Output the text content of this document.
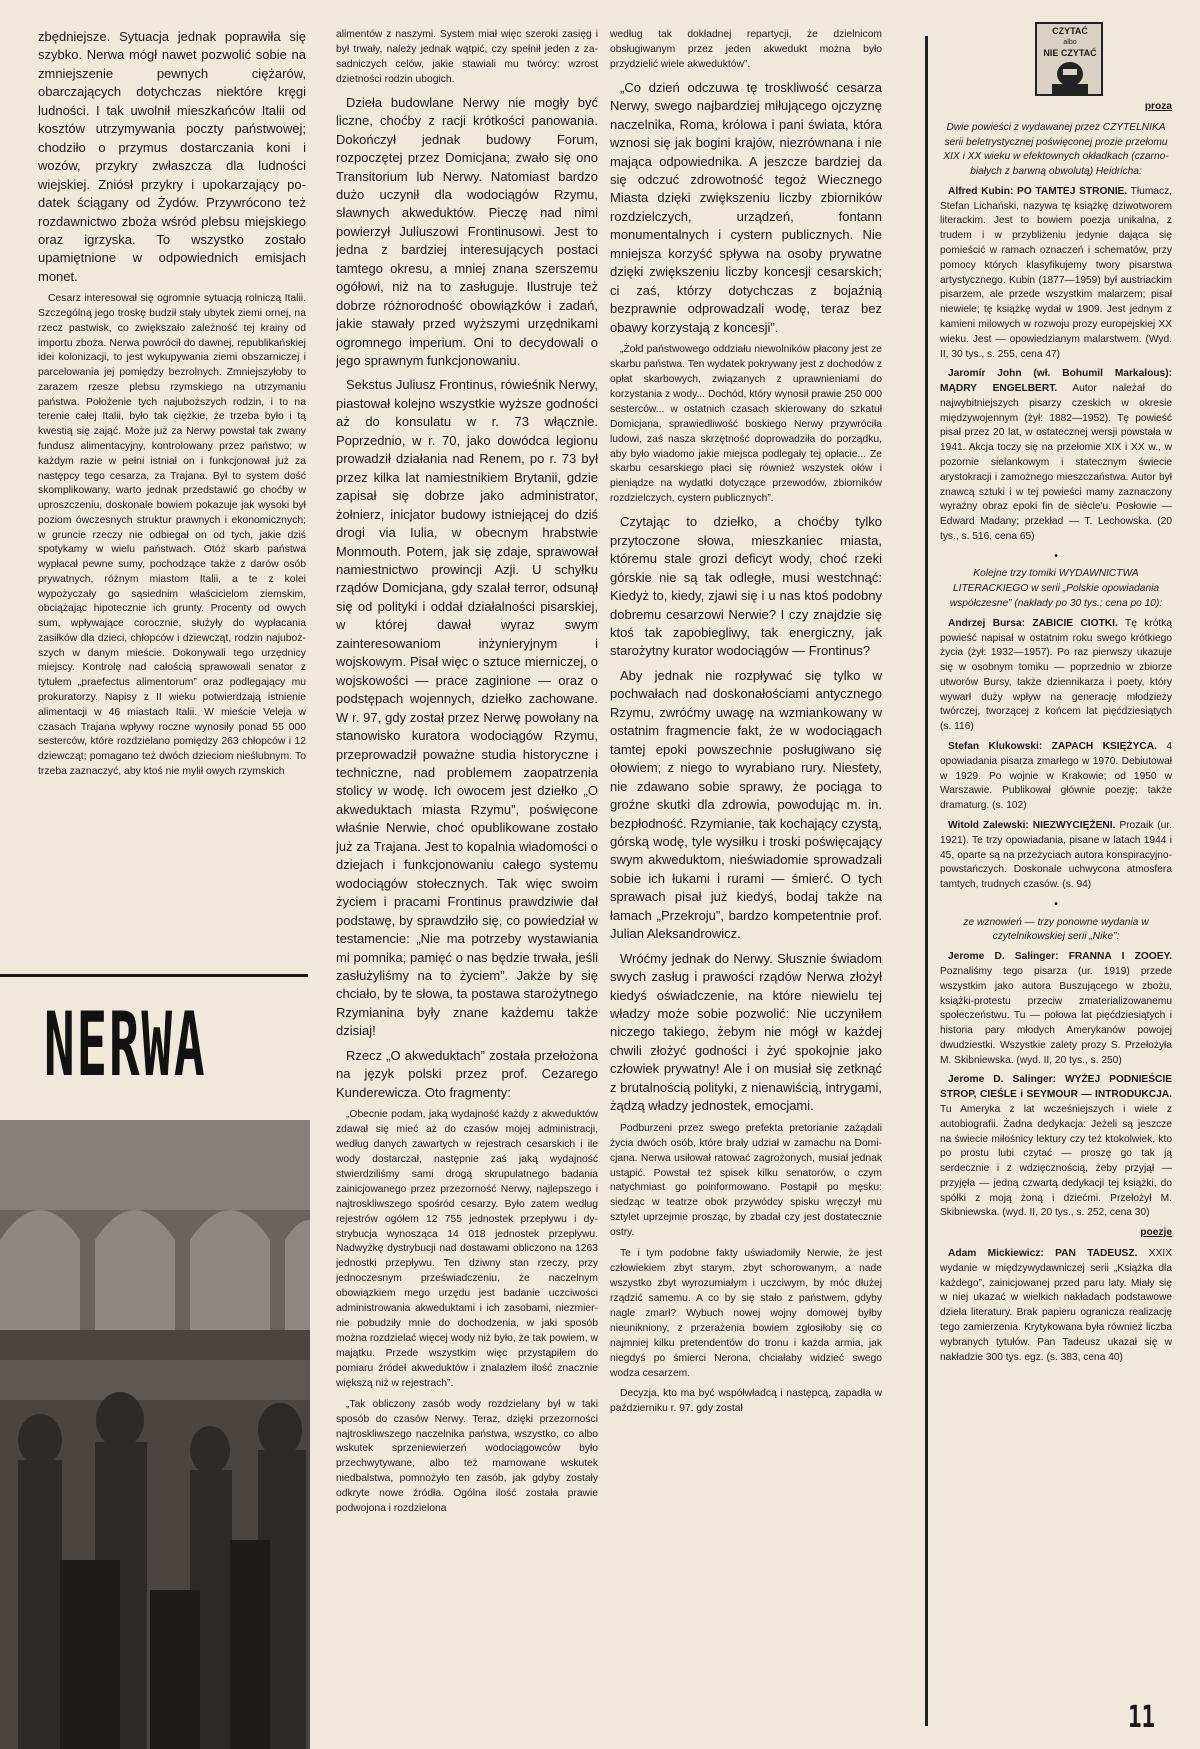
zbędniejsze. Sytuacja jednak poprawiła się szybko. Nerwa mógł nawet pozwolić sobie na zmniejszenie pewnych ciężarów, obarczających dotychczas niektóre kręgi ludności. I tak uwolnił mieszkańców Italii od kosztów utrzymywania poczty państwowej; chodziło o przymus dostarczania koni i wozów, przykry zwłaszcza dla ludności wiejskiej. Zniósł przykry i upokarzający podatek ściągany od Żydów. Przywrócono też rozdawnictwo zboża wśród plebsu miejskiego oraz igrzyska. To wszystko zostało upamiętnione w odpowiednich emisjach monet.

Cesarz interesował się ogromnie sytuacją rolniczą Italii. Szczególną jego troskę budził stały ubytek ziemi ornej, na rzecz pastwisk, co zwiększało zależność tej krainy od importu zboża. Nerwa powrócił do dawnej, republikańskiej idei kolonizacji, to jest wykupywania ziemi obszarniczej i parcelowania jej pomiędzy bezrolnych. Zmniejszyłoby to zarazem rzesze plebsu rzymskiego na utrzymaniu państwa. Położenie tych najuboższych rodzin, i to na terenie całej Italii, było tak ciężkie, że trzeba było i tą kwestią się zająć. Może już za Nerwy powstał tak zwany fundusz alimentacyjny, kontrolowany przez państwo; w każdym razie w pełni istniał on i funkcjonował już za następcy tego cesarza, za Trajana. Był to system dość skomplikowany, warto jednak przedstawić go choćby w uproszczeniu, doskonale bowiem pokazuje jak wysoki był poziom ówczesnych struktur prawnych i ekonomicznych; w gruncie rzeczy nie odbiegał on od tych, jakie dziś spotykamy w wielu państwach. Otóż skarb państwa wypłacał pewne sumy, pochodzące także z darów osób prywatnych, różnym miastom Italii, a te z kolei wypożyczały go sąsiednim właścicielom ziemskim, obciążając hipotecznie ich grunty. Procenty od owych sum, wpływające corocznie, służyły do wypłacania zasiłków dla dzieci, chłopców i dziewcząt, rodzin najuboższych w danym mieście. Dokonywali tego urzędnicy miejscy. Kontrolę nad całością sprawowali senator z tytułem „praefectus alimentorum” oraz podlegający mu prokuratorzy. Napisy z II wieku potwierdzają istnienie alimentacji w 46 miastach Italii. W mieście Veleja w czasach Trajana wpływy roczne wynosiły ponad 55 000 sesterców, które rozdzielano pomiędzy 263 chłopców i 12 dziewcząt; pomagano też dwóch dzieciom nieślubnym. To trzeba zaznaczyć, aby ktoś nie mylił owych rzymskich

NERWA

alimentów z naszymi. System miał więc szeroki zasięg i był trwały, należy jednak wątpić, czy spełnił jeden z zasadniczych celów, jakie stawiali mu twórcy: wzrost dzietności rodzin ubogich.

Dzieła budowlane Nerwy nie mogły być liczne, choćby z racji krótkości panowania. Dokończył jednak budowy Forum, rozpoczętej przez Domicjana; zwało się ono Transitorium lub Nerwy. Natomiast bardzo dużo uczynił dla wodociągów Rzymu, sławnych akweduktów. Pieczę nad nimi powierzył Juliuszowi Frontinusowi. Jest to jedna z bardziej interesujących postaci tamtego okresu, a mniej znana szerszemu ogółowi, niż na to zasługuje. Ilustruje też dobrze różnorodność obowiązków i zadań, jakie stawały przed wyższymi urzędnikami ogromnego imperium. Oni to decydowali o jego sprawnym funkcjonowaniu.

Sekstus Juliusz Frontinus, rówieśnik Nerwy, piastował kolejno wszystkie wyższe godności aż do konsulatu w r. 73 włącznie. Poprzednio, w r. 70, jako dowódca legionu prowadził działania nad Renem, po r. 73 był przez kilka lat namiestnikiem Brytanii, gdzie zapisał się dobrze jako administrator, żołnierz, inicjator budowy istniejącej do dziś drogi via Iulia, w obecnym hrabstwie Monmouth. Potem, jak się zdaje, sprawował namiestnictwo prowincji Azji. U schyłku rządów Domicjana, gdy szalał terror, odsunął się od polityki i oddał działalności pisarskiej, w której dawał wyraz swym zainteresowaniom inżynieryjnym i wojskowym. Pisał więc o sztuce mierniczej, o wojskowości — prace zaginione — oraz o podstępach wojennych, dziełko zachowane. W r. 97, gdy został przez Nerwę powołany na stanowisko kuratora wodociągów Rzymu, przeprowadził poważne studia historyczne i techniczne, nad problemem zaopatrzenia stolicy w wodę. Ich owocem jest dziełko „O akweduktach miasta Rzymu”, poświęcone właśnie Nerwie, choć opublikowane zostało już za Trajana. Jest to kopalnia wiadomości o dziejach i funkcjonowaniu całego systemu wodociągów stołecznych. Tak więc swoim życiem i pracami Frontinus prawdziwie dał podstawę, by sprawdziło się, co powiedział w testamencie: „Nie ma potrzeby wystawiania mi pomnika; pamięć o nas będzie trwała, jeśli zasłużyliśmy na to życiem”. Jakże by się chciało, by te słowa, ta postawa starożytnego Rzymianina były znane każdemu także dzisiaj!

Rzecz „O akweduktach” została przełożona na język polski przez prof. Cezarego Kunderewicza. Oto fragmenty:

„Obecnie podam, jaką wydajność każdy z akweduktów zdawał się mieć aż do czasów mojej administracji, według danych zawartych w rejestrach cesarskich i ile wody dostarczał, następnie zaś jaką wydajność stwierdziliśmy sami drogą skrupulatnego badania zainicjowanego przez przezorność Nerwy, najlepszego i najtroskliwszego spośród cesarzy. Było zatem według rejestrów ogółem 12 755 jednostek przepływu i dystrybucja wynosząca 14 018 jednostek przepływu. Nadwyżkę dystrybucji nad dostawami obliczono na 1263 jednostki przepływu. Ten dziwny stan rzeczy, przy jednoczesnym przeświadczeniu, że naczelnym obowiązkiem mego urzędu jest badanie uczciwości administrowania akweduktami i ich zasobami, niezmiernie pobudziły mnie do dochodzenia, w jaki sposób można rozdzielać więcej wody niż było, że tak powiem, w majątku. Przede wszystkim więc przystąpiłem do pomiaru źródeł akweduktów i znalazłem ilość znacznie większą niż w rejestrach”.

„Tak obliczony zasób wody rozdzielany był w taki sposób do czasów Nerwy. Teraz, dzięki przezorności najtroskliwszego naczelnika państwa, wszystko, co albo wskutek sprzeniewierzeń wodociągowców było przechwytywane, albo też marnowane wskutek niedbalstwa, pomnożyło ten zasób, jak gdyby zostały odkryte nowe źródła. Ogólna ilość została prawie podwojona i rozdzielona

według tak dokładnej repartycji, że dzielnicom obsługiwanym przez jeden akwedukt można było przydzielić wiele akweduktów”.

„Co dzień odczuwa tę troskliwość cesarza Nerwy, swego najbardziej miłującego ojczyznę naczelnika, Roma, królowa i pani świata, która wznosi się jak bogini krajów, niezrównana i nie mająca odpowiednika. A jeszcze bardziej da się odczuć zdrowotność tegoż Wiecznego Miasta dzięki zwiększeniu liczby zbiorników rozdzielczych, urządzeń, fontann monumentalnych i cystern publicznych. Nie mniejsza korzyść spływa na osoby prywatne dzięki zwiększeniu liczby koncesji cesarskich; ci zaś, którzy dotychczas z bojaźnią bezprawnie odprowadzali wodę, teraz bez obawy korzystają z koncesji”.

„Żołd państwowego oddziału niewolników płacony jest ze skarbu państwa. Ten wydatek pokrywany jest z dochodów z opłat skarbowych, związanych z uprawnieniami do korzystania z wody... Dochód, który wynosił prawie 250 000 sesterców... w ostatnich czasach skierowany do szkatuł Domicjana, sprawiedliwość boskiego Nerwy przywróciła ludowi, zaś nasza skrzętność doprowadziła do porządku, aby było wiadomo jakie miejsca podlegały tej opłacie... Ze skarbu cesarskiego płaci się również wszystek ołów i pieniądze na wydatki dotyczące przewodów, zbiorników rozdzielczych, cystern publicznych”.

Czytając to dziełko, a choćby tylko przytoczone słowa, mieszkaniec miasta, któremu stale grozi deficyt wody, choć rzeki górskie nie są tak odległe, musi westchnąć: Kiedyż to, kiedy, zjawi się i u nas ktoś podobny dobremu cesarzowi Nerwie? I czy znajdzie się ktoś tak zapobiegliwy, tak energiczny, jak starożytny kurator wodociągów — Frontinus?

Aby jednak nie rozpływać się tylko w pochwałach nad doskonałościami antycznego Rzymu, zwróćmy uwagę na wzmiankowany w ostatnim fragmencie fakt, że w wodociągach tamtej epoki powszechnie posługiwano się ołowiem; z niego to wyrabiano rury. Niestety, nie zdawano sobie sprawy, że pociąga to groźne skutki dla zdrowia, powodując m. in. bezpłodność. Rzymianie, tak kochający czystą, górską wodę, tyle wysiłku i troski poświęcający swym akweduktom, nieświadomie sprowadzali sobie ich łukami i rurami — śmierć. O tych sprawach pisał już kiedyś, bodaj także na łamach „Przekroju”, bardzo kompetentnie prof. Julian Aleksandrowicz.

Wróćmy jednak do Nerwy. Słusznie świadom swych zasług i prawości rządów Nerwa złożył kiedyś oświadczenie, na które niewielu tej władzy może sobie pozwolić: Nie uczyniłem niczego takiego, żebym nie mógł w każdej chwili złożyć godności i żyć spokojnie jako człowiek prywatny! Ale i on musiał się zetknąć z brutalnością polityki, z nienawiścią, intrygami, żądzą władzy jednostek, emocjami.

Podburzeni przez swego prefekta pretorianie zażądali życia dwóch osób, które brały udział w zamachu na Domicjana. Nerwa usiłował ratować zagrożonych, musiał jednak ustąpić. Powstał też spisek kilku senatorów, o czym natychmiast go poinformowano. Postąpił po męsku: siedząc w teatrze obok przywódcy spisku wręczył mu sztylet uprzejmie prosząc, by zbadał czy jest dostatecznie ostry.

Te i tym podobne fakty uświadomiły Nerwie, że jest człowiekiem zbyt starym, zbyt schorowanym, a nade wszystko zbyt wyrozumiałym i uczciwym, by móc dłużej rządzić samemu. A co by się stało z państwem, gdyby nagle zmarł? Wybuch nowej wojny domowej byłby nieunikniony, z przerażenia bowiem zgłosiłoby się co najmniej kilku pretendentów do tronu i każda armia, jak niegdyś po śmierci Nerona, chciałaby widzieć swego wodza cesarzem.

Decyzja, kto ma być współwładcą i następcą, zapadła w październiku r. 97. gdy został

CZYTAĆ
albo
NIE CZYTAĆ

proza

Dwie powieści z wydawanej przez CZYTELNIKA serii beletrystycznej poświęconej prozie przełomu XIX i XX wieku w efektownych okładkach (czarno-białych z barwną obwolutą) Heidricha:

Alfred Kubin: PO TAMTEJ STRONIE. Tłumacz, Stefan Lichański, nazywa tę książkę dziwotworem literackim. Jest to bowiem poezja unikalna, z trudem i w przybliżeniu jedynie dająca się pomieścić w ramach oznaczeń i schematów, przy pomocy których klasyfikujemy twory pisarstwa artystycznego. Kubin (1877—1959) był austriackim pisarzem, ale przede wszystkim malarzem; pisał niewiele; tę książkę wydał w 1909. Jest jednym z kamieni milowych w rozwoju prozy europejskiej XX wieku. Jest — opowiedzianym malarstwem. (Wyd. II, 30 tys., s. 255, cena 47)

Jaromír John (wł. Bohumil Markalous): MĄDRY ENGELBERT. Autor należał do najwybitniejszych pisarzy czeskich w okresie międzywojennym (żył: 1882—1952). Tę powieść pisał przez 20 lat, w ostatecznej wersji powstała w 1941. Akcja toczy się na przełomie XIX i XX w., w pozornie sielankowym i statecznym świecie arystokracji i zamożnego mieszczaństwa. Autor był znawcą sztuki i w tej powieści mamy zaznaczony wyraźny obraz epoki fin de siècle'u. Posłowie — Edward Madany; przekład — T. Lechowska. (20 tys., s. 516, cena 65)

•

Kolejne trzy tomiki WYDAWNICTWA LITERACKIEGO w serii „Polskie opowiadania współczesne” (nakłady po 30 tys.; cena po 10):

Andrzej Bursa: ZABICIE CIOTKI. Tę krótką powieść napisał w ostatnim roku swego krótkiego życia (żył: 1932—1957). Po raz pierwszy ukazuje się w osobnym tomiku — poprzednio w zbiorze utworów Bursy, także dziennikarza i poety, który wywarł duży wpływ na generację młodzieży twórczej, tworzącej z końcem lat pięćdziesiątych (s. 116)

Stefan Klukowski: ZAPACH KSIĘŻYCA. 4 opowiadania pisarza zmarłego w 1970. Debiutował w 1929. Po wojnie w Krakowie; od 1950 w Warszawie. Publikował głównie poezję; także dramaturg. (s. 102)

Witold Zalewski: NIEZWYCIĘŻENI. Prozaik (ur. 1921). Te trzy opowiadania, pisane w latach 1944 i 45, oparte są na przeżyciach autora konspiracyjno-powstańczych. Doskonale uchwycona atmosfera tamtych, trudnych czasów. (s. 94)

•

ze wznowień — trzy ponowne wydania w czytelnikowskiej serii „Nike”:

Jerome D. Salinger: FRANNA I ZOOEY. Poznaliśmy tego pisarza (ur. 1919) przede wszystkim jako autora Buszującego w zbożu, książki-protestu przeciw zmaterializowanemu społeczeństwu. Tu — połowa lat pięćdziesiątych i historia pary młodych Amerykanów powojej dwudziestki. Wszystkie zalety prozy S. Przełożyła M. Skibniewska. (wyd. II, 20 tys., s. 250)

Jerome D. Salinger: WYŻEJ PODNIEŚCIE STROP, CIEŚLE i SEYMOUR — INTRODUKCJA. Tu Ameryka z lat wcześniejszych i wiele z autobiografii. Żadna dedykacja: Jeżeli są jeszcze na świecie miłośnicy lektury czy też ktokolwiek, kto po prostu lubi czytać — proszę go tak ją serdecznie i z wdzięcznością, żeby przyjął — przyjęła — jedną czwartą dedykacji tej książki, do spółki z moją żoną i dziećmi. Przełożył M. Skibniewska. (wyd. II, 20 tys., s. 252, cena 30)

poezje

Adam Mickiewicz: PAN TADEUSZ. XXIX wydanie w międzywydawniczej serii „Książka dla każdego”, zainicjowanej przed paru laty. Miały się w niej ukazać w wielkich nakładach podstawowe dzieła literatury. Brak papieru ogranicza realizację tego zamierzenia. Krytykowana była również liczba wybranych tytułów. Pan Tadeusz ukazał się w nakładzie 300 tys. egz. (s. 383, cena 40)

11
